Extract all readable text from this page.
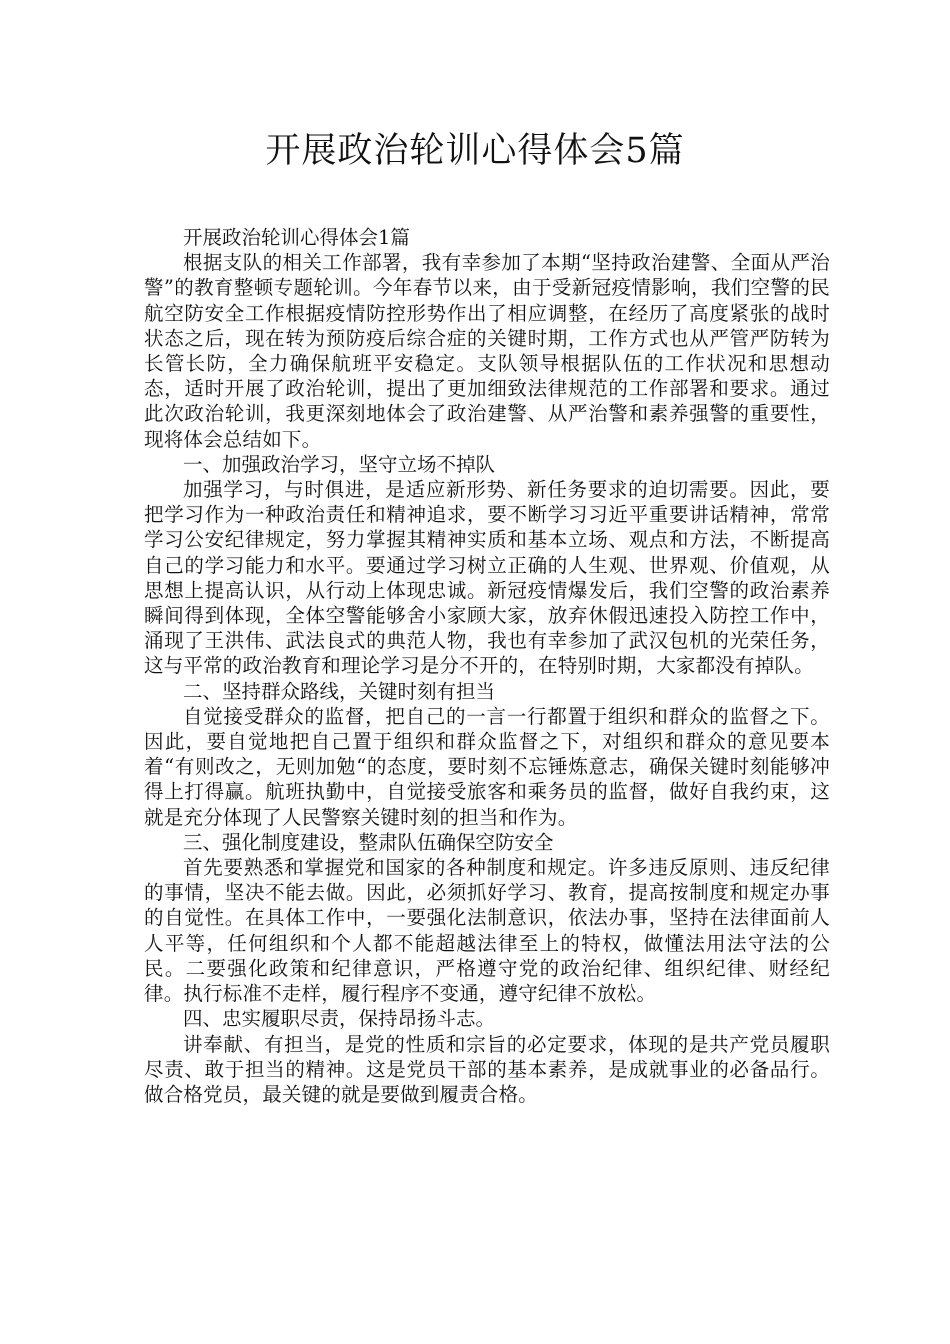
开展政治轮训心得体会5篇

开展政治轮训心得体会1篇

根据支队的相关工作部署，我有幸参加了本期“坚持政治建警、全面从严治警”的教育整顿专题轮训。今年春节以来，由于受新冠疫情影响，我们空警的民航空防安全工作根据疫情防控形势作出了相应调整，在经历了高度紧张的战时状态之后，现在转为预防疫后综合症的关键时期，工作方式也从严管严防转为长管长防，全力确保航班平安稳定。支队领导根据队伍的工作状况和思想动态，适时开展了政治轮训，提出了更加细致法律规范的工作部署和要求。通过此次政治轮训，我更深刻地体会了政治建警、从严治警和素养强警的重要性，现将体会总结如下。

一、加强政治学习，坚守立场不掉队

加强学习，与时俱进，是适应新形势、新任务要求的迫切需要。因此，要把学习作为一种政治责任和精神追求，要不断学习习近平重要讲话精神，常常学习公安纪律规定，努力掌握其精神实质和基本立场、观点和方法，不断提高自己的学习能力和水平。要通过学习树立正确的人生观、世界观、价值观，从思想上提高认识，从行动上体现忠诚。新冠疫情爆发后，我们空警的政治素养瞬间得到体现，全体空警能够舍小家顾大家，放弃休假迅速投入防控工作中，涌现了王洪伟、武法良式的典范人物，我也有幸参加了武汉包机的光荣任务，这与平常的政治教育和理论学习是分不开的，在特别时期，大家都没有掉队。

二、坚持群众路线，关键时刻有担当

自觉接受群众的监督，把自己的一言一行都置于组织和群众的监督之下。因此，要自觉地把自己置于组织和群众监督之下，对组织和群众的意见要本着“有则改之，无则加勉“的态度，要时刻不忘锤炼意志，确保关键时刻能够冲得上打得赢。航班执勤中，自觉接受旅客和乘务员的监督，做好自我约束，这就是充分体现了人民警察关键时刻的担当和作为。

三、强化制度建设，整肃队伍确保空防安全

首先要熟悉和掌握党和国家的各种制度和规定。许多违反原则、违反纪律的事情，坚决不能去做。因此，必须抓好学习、教育，提高按制度和规定办事的自觉性。在具体工作中，一要强化法制意识，依法办事，坚持在法律面前人人平等，任何组织和个人都不能超越法律至上的特权，做懂法用法守法的公民。二要强化政策和纪律意识，严格遵守党的政治纪律、组织纪律、财经纪律。执行标准不走样，履行程序不变通，遵守纪律不放松。

四、忠实履职尽责，保持昂扬斗志。

讲奉献、有担当，是党的性质和宗旨的必定要求，体现的是共产党员履职尽责、敢于担当的精神。这是党员干部的基本素养，是成就事业的必备品行。做合格党员，最关键的就是要做到履责合格。
